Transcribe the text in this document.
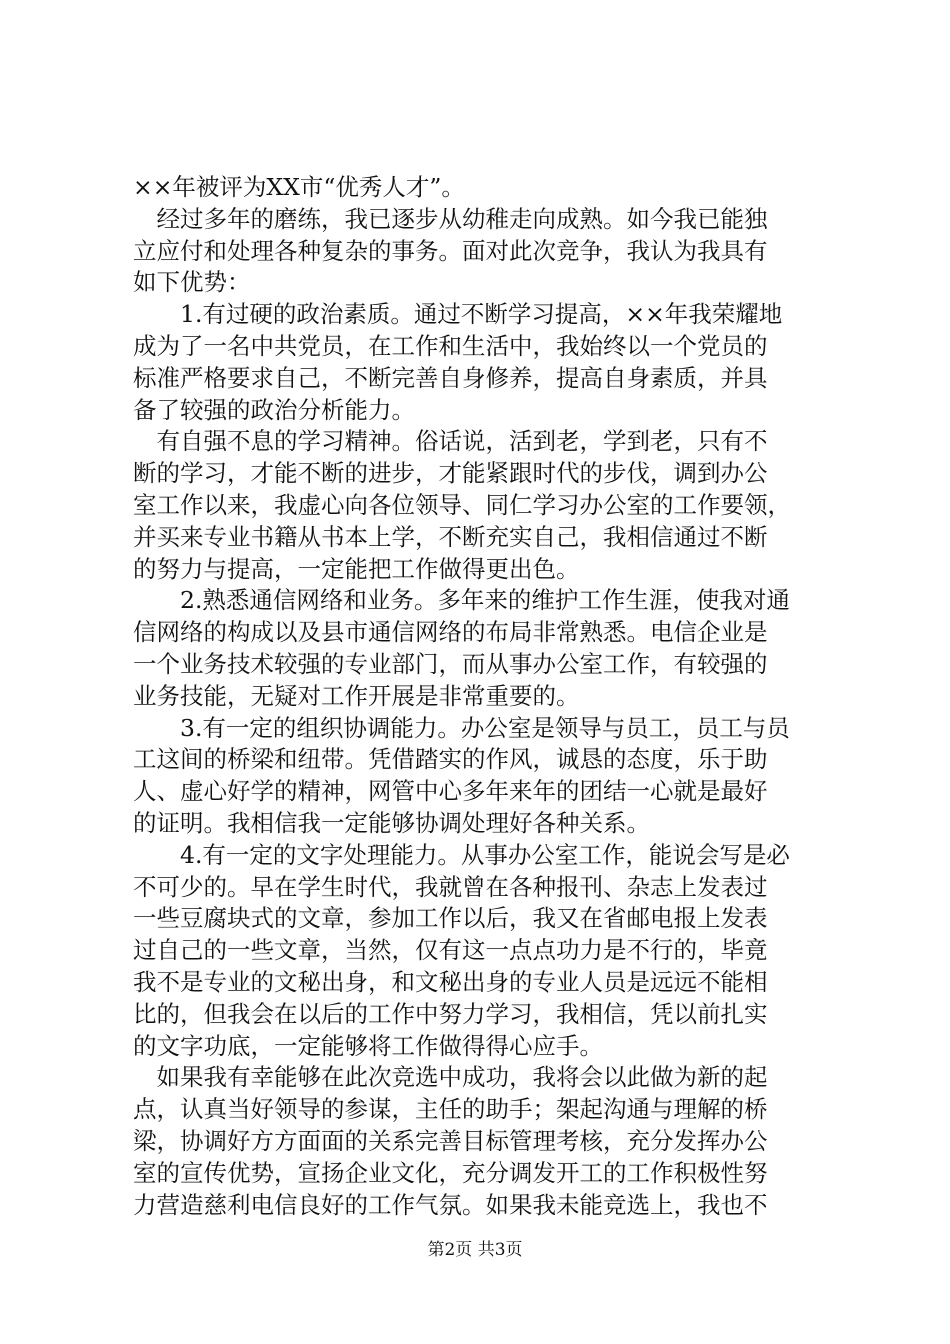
××年被评为XX市“优秀人才”。
　经过多年的磨练，我已逐步从幼稚走向成熟。如今我已能独
立应付和处理各种复杂的事务。面对此次竞争，我认为我具有
如下优势：
　　1.有过硬的政治素质。通过不断学习提高，××年我荣耀地
成为了一名中共党员，在工作和生活中，我始终以一个党员的
标准严格要求自己，不断完善自身修养，提高自身素质，并具
备了较强的政治分析能力。
　有自强不息的学习精神。俗话说，活到老，学到老，只有不
断的学习，才能不断的进步，才能紧跟时代的步伐，调到办公
室工作以来，我虚心向各位领导、同仁学习办公室的工作要领，
并买来专业书籍从书本上学，不断充实自己，我相信通过不断
的努力与提高，一定能把工作做得更出色。
　　2.熟悉通信网络和业务。多年来的维护工作生涯，使我对通
信网络的构成以及县市通信网络的布局非常熟悉。电信企业是
一个业务技术较强的专业部门，而从事办公室工作，有较强的
业务技能，无疑对工作开展是非常重要的。
　　3.有一定的组织协调能力。办公室是领导与员工，员工与员
工这间的桥梁和纽带。凭借踏实的作风，诚恳的态度，乐于助
人、虚心好学的精神，网管中心多年来年的团结一心就是最好
的证明。我相信我一定能够协调处理好各种关系。
　　4.有一定的文字处理能力。从事办公室工作，能说会写是必
不可少的。早在学生时代，我就曾在各种报刊、杂志上发表过
一些豆腐块式的文章，参加工作以后，我又在省邮电报上发表
过自己的一些文章，当然，仅有这一点点功力是不行的，毕竟
我不是专业的文秘出身，和文秘出身的专业人员是远远不能相
比的，但我会在以后的工作中努力学习，我相信，凭以前扎实
的文字功底，一定能够将工作做得得心应手。
　如果我有幸能够在此次竞选中成功，我将会以此做为新的起
点，认真当好领导的参谋，主任的助手；架起沟通与理解的桥
梁，协调好方方面面的关系完善目标管理考核，充分发挥办公
室的宣传优势，宣扬企业文化，充分调发开工的工作积极性努
力营造慈利电信良好的工作气氛。如果我未能竞选上，我也不
第2页 共3页
